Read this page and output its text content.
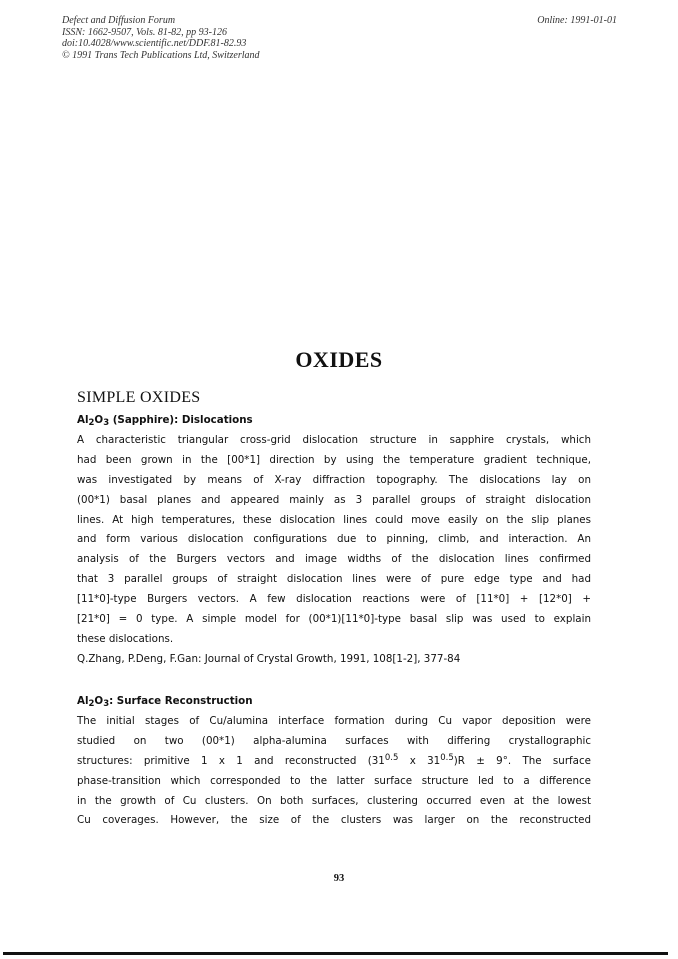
Defect and Diffusion Forum
ISSN: 1662-9507, Vols. 81-82, pp 93-126
doi:10.4028/www.scientific.net/DDF.81-82.93
© 1991 Trans Tech Publications Ltd, Switzerland
Online: 1991-01-01
OXIDES
SIMPLE OXIDES
$Al_2O_3$ (Sapphire): Dislocations
A characteristic triangular cross-grid dislocation structure in sapphire crystals, which
had been grown in the [00*1] direction by using the temperature gradient technique,
was investigated by means of X-ray diffraction topography. The dislocations lay on
(00*1) basal planes and appeared mainly as 3 parallel groups of straight dislocation
lines. At high temperatures, these dislocation lines could move easily on the slip planes
and form various dislocation configurations due to pinning, climb, and interaction. An
analysis of the Burgers vectors and image widths of the dislocation lines confirmed
that 3 parallel groups of straight dislocation lines were of pure edge type and had
[11*0]-type Burgers vectors. A few dislocation reactions were of [11*0] + [12*0] +
[21*0] = 0 type. A simple model for (00*1)[11*0]-type basal slip was used to explain
these dislocations.
Q.Zhang, P.Deng, F.Gan: Journal of Crystal Growth, 1991, 108[1-2], 377-84
$Al_2O_3$: Surface Reconstruction
The initial stages of Cu/alumina interface formation during Cu vapor deposition were
studied on two (00*1) alpha-alumina surfaces with differing crystallographic
structures: primitive 1 x 1 and reconstructed ($31^{0.5}$ x $31^{0.5})R \pm 9^\circ$. The surface
phase-transition which corresponded to the latter surface structure led to a difference
in the growth of Cu clusters. On both surfaces, clustering occurred even at the lowest
Cu coverages. However, the size of the clusters was larger on the reconstructed
93
